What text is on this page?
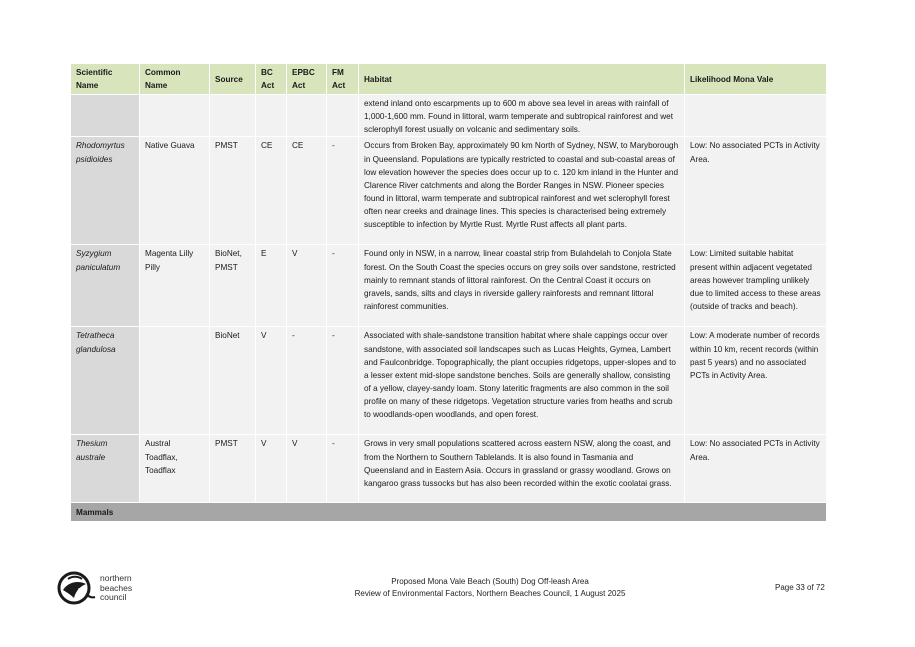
Scientific Name	Common Name	Source	BC Act	EPBC Act	FM Act	Habitat	Likelihood Mona Vale
						extend inland onto escarpments up to 600 m above sea level in areas with rainfall of 1,000-1,600 mm. Found in littoral, warm temperate and subtropical rainforest and wet sclerophyll forest usually on volcanic and sedimentary soils.	
Rhodomyrtus psidioides	Native Guava	PMST	CE	CE	-	Occurs from Broken Bay, approximately 90 km North of Sydney, NSW, to Maryborough in Queensland. Populations are typically restricted to coastal and sub-coastal areas of low elevation however the species does occur up to c. 120 km inland in the Hunter and Clarence River catchments and along the Border Ranges in NSW. Pioneer species found in littoral, warm temperate and subtropical rainforest and wet sclerophyll forest often near creeks and drainage lines. This species is characterised being extremely susceptible to infection by Myrtle Rust. Myrtle Rust affects all plant parts.	Low: No associated PCTs in Activity Area.
Syzygium paniculatum	Magenta Lilly Pilly	BioNet, PMST	E	V	-	Found only in NSW, in a narrow, linear coastal strip from Bulahdelah to Conjola State forest. On the South Coast the species occurs on grey soils over sandstone, restricted mainly to remnant stands of littoral rainforest. On the Central Coast it occurs on gravels, sands, silts and clays in riverside gallery rainforests and remnant littoral rainforest communities.	Low: Limited suitable habitat present within adjacent vegetated areas however trampling unlikely due to limited access to these areas (outside of tracks and beach).
Tetratheca glandulosa		BioNet	V	-	-	Associated with shale-sandstone transition habitat where shale cappings occur over sandstone, with associated soil landscapes such as Lucas Heights, Gymea, Lambert and Faulconbridge. Topographically, the plant occupies ridgetops, upper-slopes and to a lesser extent mid-slope sandstone benches. Soils are generally shallow, consisting of a yellow, clayey-sandy loam. Stony lateritic fragments are also common in the soil profile on many of these ridgetops. Vegetation structure varies from heaths and scrub to woodlands-open woodlands, and open forest.	Low: A moderate number of records within 10 km, recent records (within past 5 years) and no associated PCTs in Activity Area.
Thesium australe	Austral Toadflax, Toadflax	PMST	V	V	-	Grows in very small populations scattered across eastern NSW, along the coast, and from the Northern to Southern Tablelands. It is also found in Tasmania and Queensland and in Eastern Asia. Occurs in grassland or grassy woodland. Grows on kangaroo grass tussocks but has also been recorded within the exotic coolatai grass.	Low: No associated PCTs in Activity Area.
Mammals							
northern
beaches
council
Proposed Mona Vale Beach (South) Dog Off-leash Area
Review of Environmental Factors, Northern Beaches Council, 1 August 2025
Page 33 of 72
